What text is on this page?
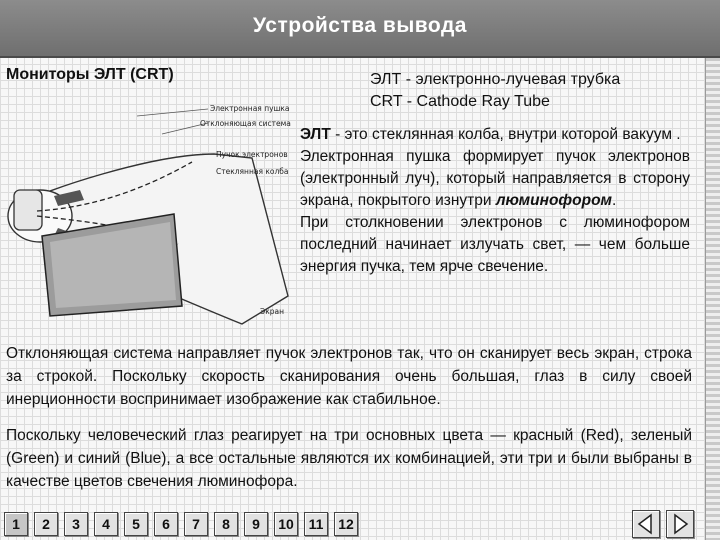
Устройства вывода
Мониторы ЭЛТ (CRT)	ЭЛТ - электронно-лучевая трубка
CRT - Cathode Ray Tube
Электронная пушка
Отклоняющая система
Пучок электронов
Стеклянная колба
Экран

ЭЛТ - это стеклянная колба, внутри которой вакуум .

Электронная пушка формирует пучок электронов (электронный луч), который направляется в сторону экрана, покрытого изнутри люминофором.

При столкновении электронов с люминофором последний начинает излучать свет, — чем больше энергия пучка, тем ярче свечение.

Отклоняющая система направляет пучок электронов так, что он сканирует весь экран, строка за строкой. Поскольку скорость сканирования очень большая, глаз в силу своей инерционности воспринимает изображение как стабильное.
Поскольку человеческий глаз реагирует на три основных цвета — красный (Red), зеленый (Green) и синий (Blue), а все остальные являются их комбинацией, эти три и были выбраны в качестве цветов свечения люминофора.
1	2	3	4	5	6	7	8	9	10	11	12
